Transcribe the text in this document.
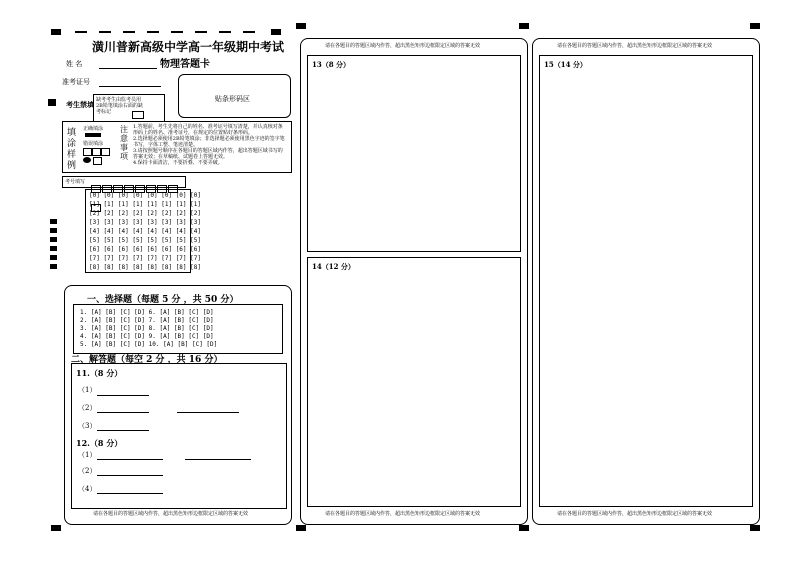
潢川普新高级中学高一年级期中考试
物理答题卡
姓 名
准考证号
考生禁填 缺考考生由监考员用2B铅笔填涂右面的缺考标记
贴条形码区
填涂样例
正确填涂
错误填涂
注意事项
1.答题前，考生先将自己的姓名、准考证号填写清楚，并认真核对条形码上的姓名、准考证号，在规定的位置贴好条形码。
2.选择题必须使用2B铅笔填涂；非选择题必须使用黑色字迹的签字笔书写，字体工整、笔迹清楚。
3.请按照题号顺序在各题目的答题区域内作答，超出答题区域书写的答案无效；在草稿纸、试题卷上答题无效。
4.保持卡面清洁，不要折叠、不要弄破。
考号填写
[0] [0] [0] [0] [0] [0] [0] [0]
[1] [1] [1] [1] [1] [1] [1] [1]
[2] [2] [2] [2] [2] [2] [2] [2]
[3] [3] [3] [3] [3] [3] [3] [3]
[4] [4] [4] [4] [4] [4] [4] [4]
[5] [5] [5] [5] [5] [5] [5] [5]
[6] [6] [6] [6] [6] [6] [6] [6]
[7] [7] [7] [7] [7] [7] [7] [7]
[8] [8] [8] [8] [8] [8] [8] [8]
一、选择题（每题 5 分 ，共 50 分）
1. [A] [B] [C] [D] 6. [A] [B] [C] [D]
2. [A] [B] [C] [D] 7. [A] [B] [C] [D]
3. [A] [B] [C] [D] 8. [A] [B] [C] [D]
4. [A] [B] [C] [D] 9. [A] [B] [C] [D]
5. [A] [B] [C] [D] 10. [A] [B] [C] [D]
二、解答题（每空 2 分 ，共 16 分）
11.（8 分）
（1）
（2）
（3）
12.（8 分）
（1）
（2）
（4）
请在各题目的答题区域内作答，超出黑色矩形边框限定区域的答案无效
请在各题目的答题区域内作答，超出黑色矩形边框限定区域的答案无效
13（8 分）
14（12 分）
请在各题目的答题区域内作答，超出黑色矩形边框限定区域的答案无效
请在各题目的答题区域内作答，超出黑色矩形边框限定区域的答案无效
15（14 分）
请在各题目的答题区域内作答，超出黑色矩形边框限定区域的答案无效
